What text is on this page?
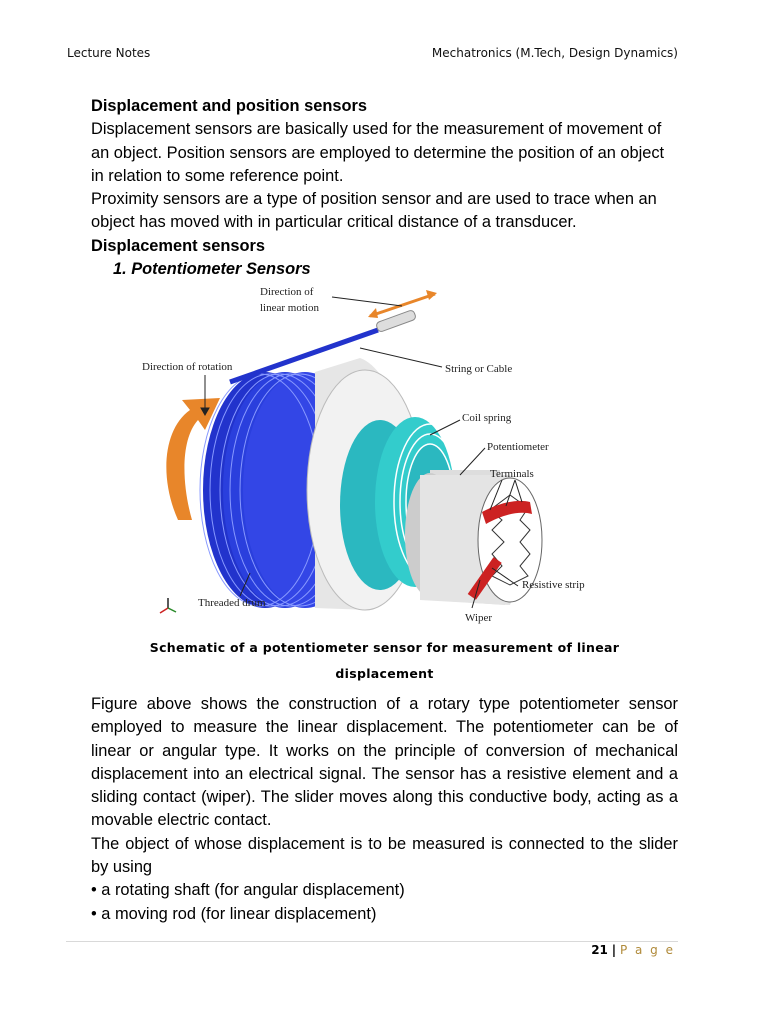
Lecture Notes	Mechatronics (M.Tech, Design Dynamics)
Displacement and position sensors
Displacement sensors are basically used for the measurement of movement of an object. Position sensors are employed to determine the position of an object in relation to some reference point.
Proximity sensors are a type of position sensor and are used to trace when an object has moved with in particular critical distance of a transducer.
Displacement sensors
1. Potentiometer Sensors
Direction of
linear motion
Direction of rotation	String or Cable
Coil spring
Potentiometer
Terminals
Resistive strip
Threaded drum
Wiper
Schematic of a potentiometer sensor for measurement of linear
displacement
Figure above shows the construction of a rotary type potentiometer sensor employed to measure the linear displacement. The potentiometer can be of linear or angular type. It works on the principle of conversion of mechanical displacement into an electrical signal. The sensor has a resistive element and a sliding contact (wiper). The slider moves along this conductive body, acting as a movable electric contact.
The object of whose displacement is to be measured is connected to the slider by using
• a rotating shaft (for angular displacement)
• a moving rod (for linear displacement)
21 | P a g e
